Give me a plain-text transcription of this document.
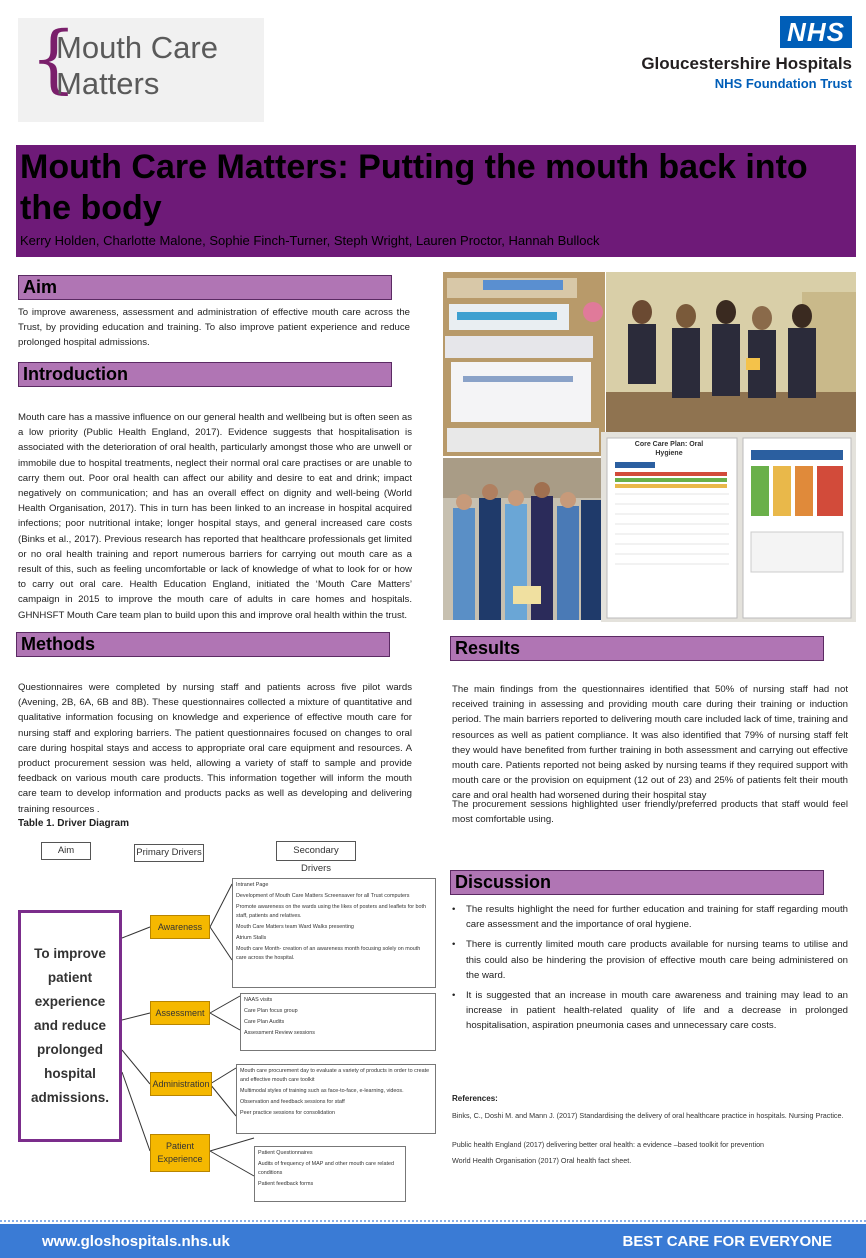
{
Mouth Care
Matters
NHS
Gloucestershire Hospitals
NHS Foundation Trust
Mouth Care Matters: Putting the mouth back into the body
Kerry Holden, Charlotte Malone, Sophie Finch-Turner, Steph Wright, Lauren Proctor, Hannah Bullock
Aim
To improve awareness, assessment and administration of effective mouth care across the Trust, by providing education and training. To also improve patient experience and reduce prolonged hospital admissions.
Introduction
Mouth care has a massive influence on our general health and wellbeing but is often seen as a low priority (Public Health England, 2017). Evidence suggests that hospitalisation is associated with the deterioration of oral health, particularly amongst those who are unwell or immobile due to hospital treatments, neglect their normal oral care practises or are unable to carry them out. Poor oral health can affect our ability and desire to eat and drink; impact negatively on communication; and has an overall effect on dignity and well-being (World Health Organisation, 2017). This in turn has been linked to an increase in hospital acquired infections; poor nutritional intake; longer hospital stays, and general increased care costs (Binks et al., 2017). Previous research has reported that healthcare professionals get limited or no oral health training and report numerous barriers for carrying out mouth care as a result of this, such as feeling uncomfortable or lack of knowledge of what to look for or how to carry out oral care. Health Education England, initiated the ‘Mouth Care Matters’ campaign in 2015 to improve the mouth care of adults in care homes and hospitals. GHNHSFT Mouth Care team plan to build upon this and improve oral health within the trust.
Methods
Questionnaires were completed by nursing staff and patients across five pilot wards (Avening, 2B, 6A, 6B and 8B). These questionnaires collected a mixture of quantitative and qualitative information focusing on knowledge and experience of effective mouth care for nursing staff and exploring barriers. The patient questionnaires focused on changes to oral care during hospital stays and access to appropriate oral care equipment and resources. A product procurement session was held, allowing a variety of staff to sample and provide feedback on various mouth care products. This information together will inform the mouth care team to develop information and products packs as well as developing and delivering training resources .
Table 1. Driver Diagram
Aim	Primary Drivers	Secondary Drivers
To improve patient experience and reduce prolonged hospital admissions.
Awareness
Assessment
Administration
Patient Experience
Intranet Page
Development of Mouth Care Matters Screensaver for all Trust computers
Promote awareness on the wards using the likes of posters and leaflets for both staff, patients and relatives.
Mouth Care Matters team Ward Walks presenting
Atrium Stalls
Mouth care Month- creation of an awareness month focusing solely on mouth care across the hospital.
NAAS visits
Care Plan focus group
Care Plan Audits
Assessment Review sessions
Mouth care procurement day to evaluate a variety of products in order to create and effective mouth care toolkit
Multimodal styles of training such as face-to-face, e-learning, videos.
Observation and feedback sessions for staff
Peer practice sessions for consolidation
Patient Questionnaires
Audits of frequency of MAP and other mouth care related conditions
Patient feedback forms
Core Care Plan: Oral Hygiene
Results
The main findings from the questionnaires identified that 50% of nursing staff had not received training in assessing and providing mouth care during their training or induction period. The main barriers reported to delivering mouth care included lack of time, training and resources as well as patient compliance. It was also identified that 79% of nursing staff felt they would have benefited from further training in both assessment and carrying out effective mouth care. Patients reported not being asked by nursing teams if they required support with mouth care or the provision on equipment (12 out of 23) and 25% of patients felt their mouth care and oral health had worsened during their hospital stay
The procurement sessions highlighted user friendly/preferred products that staff would feel most comfortable using.
Discussion
• The results highlight the need for further education and training for staff regarding mouth care assessment and the importance of oral hygiene.
• There is currently limited mouth care products available for nursing teams to utilise and this could also be hindering the provision of effective mouth care being administered on the ward.
• It is suggested that an increase in mouth care awareness and training may lead to an increase in patient health-related quality of life and a decrease in prolonged hospitalisation, aspiration pneumonia cases and unnecessary care costs.
References:
Binks, C., Doshi M. and Mann J. (2017) Standardising the delivery of oral healthcare practice in hospitals. Nursing Practice.
Public health England (2017) delivering better oral health: a evidence –based toolkit for prevention
World Health Organisation (2017) Oral health fact sheet.
www.gloshospitals.nhs.uk	BEST CARE FOR EVERYONE
